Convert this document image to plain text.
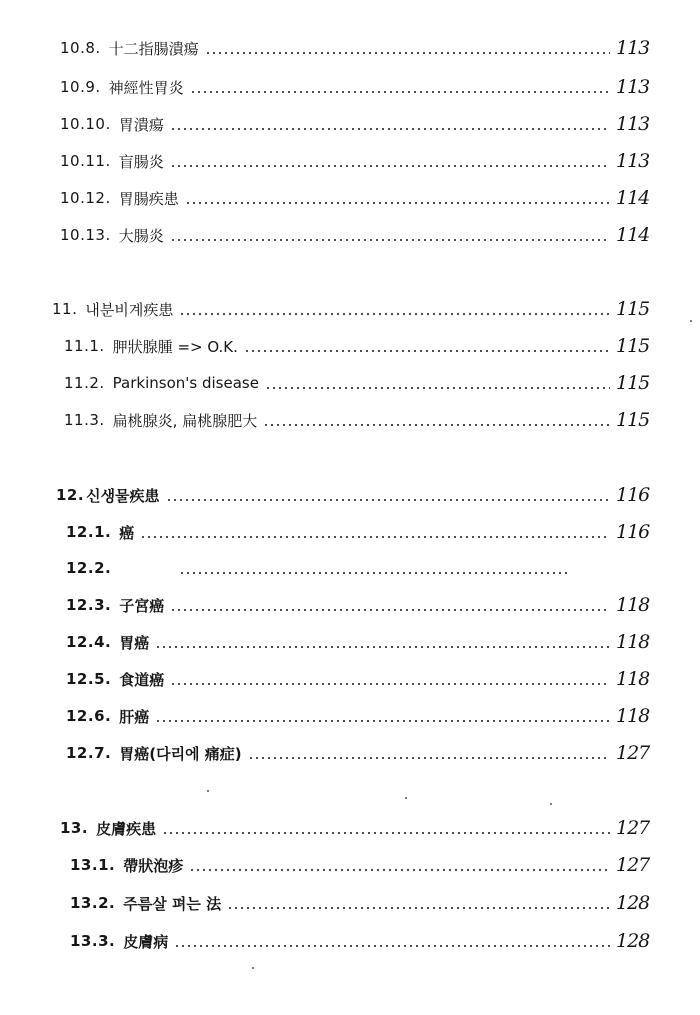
10.8. 十二指腸潰瘍	113
10.9. 神經性胃炎	113
10.10. 胃潰瘍	113
10.11. 盲腸炎	113
10.12. 胃腸疾患	114
10.13. 大腸炎	114
11. 내분비계疾患	115
11.1. 胛狀腺腫 => O.K.	115
11.2. Parkinson's disease	115
11.3. 扁桃腺炎, 扁桃腺肥大	115
12. 신생물疾患	116
12.1. 癌	116
12.2.
12.3. 子宮癌	118
12.4. 胃癌	118
12.5. 食道癌	118
12.6. 肝癌	118
12.7. 胃癌(다리에 痛症)	127
13. 皮膚疾患	127
13.1. 帶狀泡疹	127
13.2. 주름살 펴는 法	128
13.3. 皮膚病	128
